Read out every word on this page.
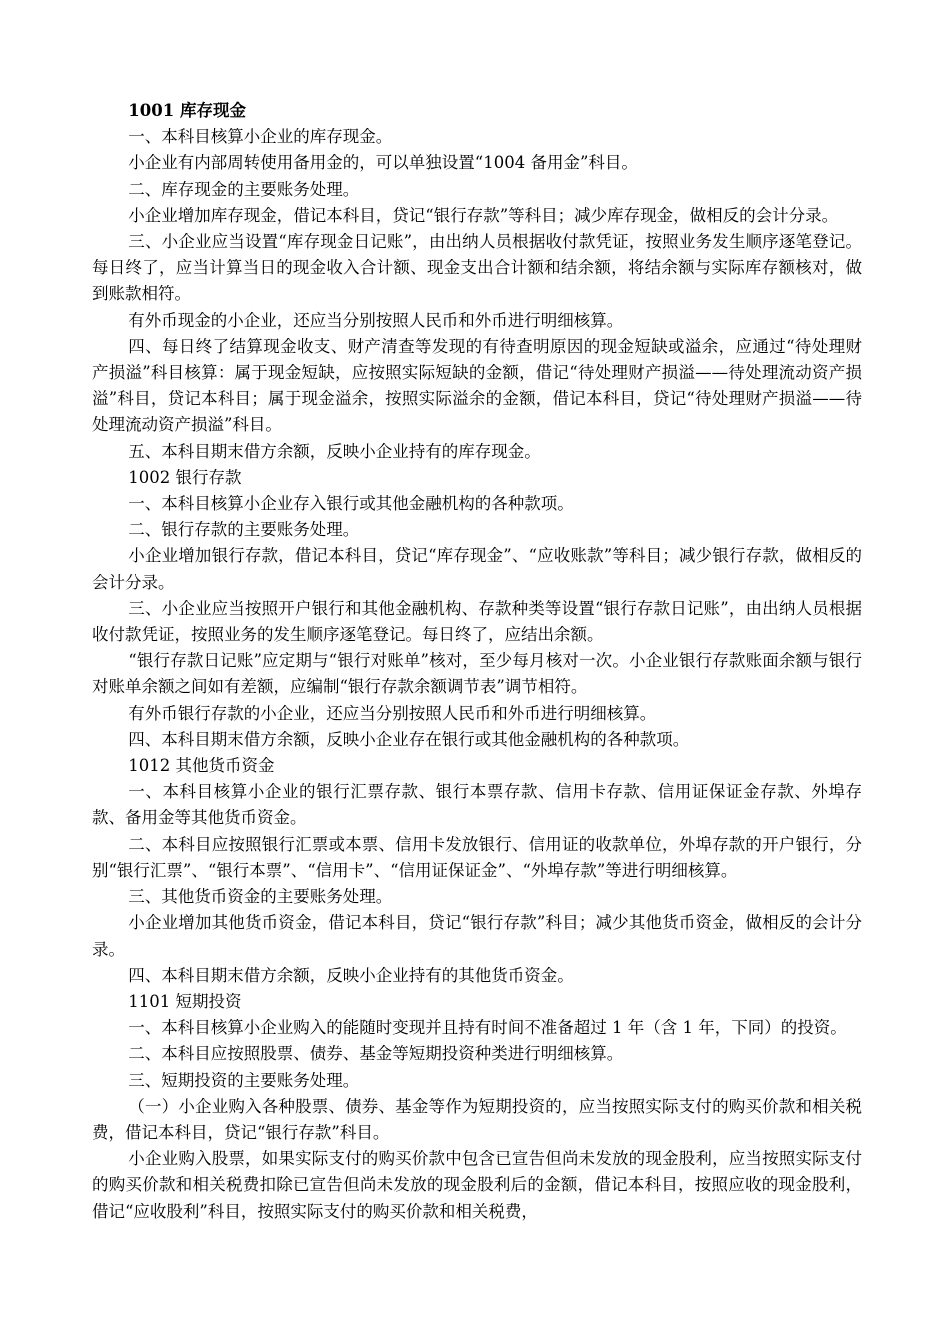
1001 库存现金

一、本科目核算小企业的库存现金。

小企业有内部周转使用备用金的，可以单独设置“1004 备用金”科目。

二、库存现金的主要账务处理。

小企业增加库存现金，借记本科目，贷记“银行存款”等科目；减少库存现金，做相反的会计分录。

三、小企业应当设置“库存现金日记账”，由出纳人员根据收付款凭证，按照业务发生顺序逐笔登记。每日终了，应当计算当日的现金收入合计额、现金支出合计额和结余额，将结余额与实际库存额核对，做到账款相符。

有外币现金的小企业，还应当分别按照人民币和外币进行明细核算。

四、每日终了结算现金收支、财产清查等发现的有待查明原因的现金短缺或溢余，应通过“待处理财产损溢”科目核算：属于现金短缺，应按照实际短缺的金额，借记“待处理财产损溢——待处理流动资产损溢”科目，贷记本科目；属于现金溢余，按照实际溢余的金额，借记本科目，贷记“待处理财产损溢——待处理流动资产损溢”科目。

五、本科目期末借方余额，反映小企业持有的库存现金。

1002 银行存款

一、本科目核算小企业存入银行或其他金融机构的各种款项。

二、银行存款的主要账务处理。

小企业增加银行存款，借记本科目，贷记“库存现金”、“应收账款”等科目；减少银行存款，做相反的会计分录。

三、小企业应当按照开户银行和其他金融机构、存款种类等设置“银行存款日记账”，由出纳人员根据收付款凭证，按照业务的发生顺序逐笔登记。每日终了，应结出余额。

“银行存款日记账”应定期与“银行对账单”核对，至少每月核对一次。小企业银行存款账面余额与银行对账单余额之间如有差额，应编制“银行存款余额调节表”调节相符。

有外币银行存款的小企业，还应当分别按照人民币和外币进行明细核算。

四、本科目期末借方余额，反映小企业存在银行或其他金融机构的各种款项。

1012 其他货币资金

一、本科目核算小企业的银行汇票存款、银行本票存款、信用卡存款、信用证保证金存款、外埠存款、备用金等其他货币资金。

二、本科目应按照银行汇票或本票、信用卡发放银行、信用证的收款单位，外埠存款的开户银行，分别“银行汇票”、“银行本票”、“信用卡”、“信用证保证金”、“外埠存款”等进行明细核算。

三、其他货币资金的主要账务处理。

小企业增加其他货币资金，借记本科目，贷记“银行存款”科目；减少其他货币资金，做相反的会计分录。

四、本科目期末借方余额，反映小企业持有的其他货币资金。

1101 短期投资

一、本科目核算小企业购入的能随时变现并且持有时间不准备超过 1 年（含 1 年，下同）的投资。

二、本科目应按照股票、债券、基金等短期投资种类进行明细核算。

三、短期投资的主要账务处理。

（一）小企业购入各种股票、债券、基金等作为短期投资的，应当按照实际支付的购买价款和相关税费，借记本科目，贷记“银行存款”科目。

小企业购入股票，如果实际支付的购买价款中包含已宣告但尚未发放的现金股利，应当按照实际支付的购买价款和相关税费扣除已宣告但尚未发放的现金股利后的金额，借记本科目，按照应收的现金股利，借记“应收股利”科目，按照实际支付的购买价款和相关税费，
